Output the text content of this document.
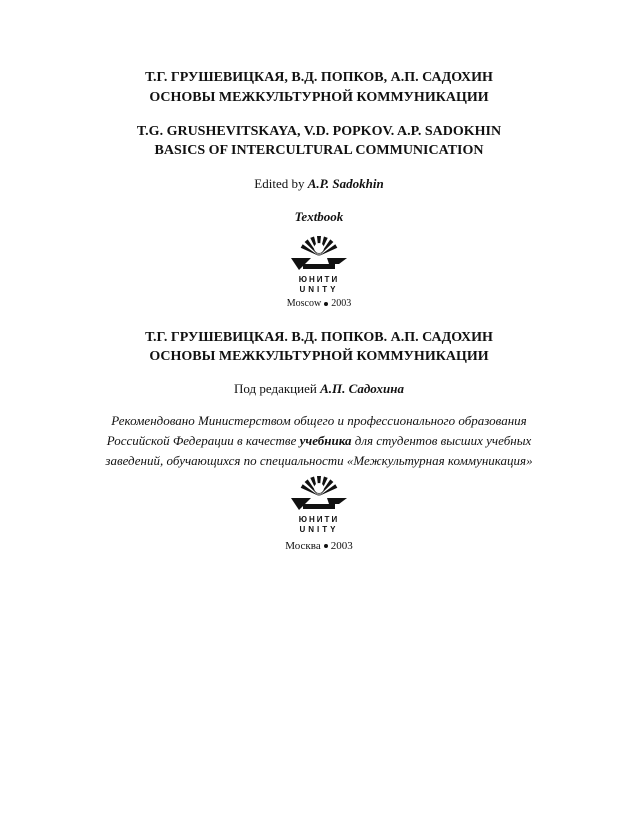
Т.Г. ГРУШЕВИЦКАЯ, В.Д. ПОПКОВ, А.П. САДОХИН
ОСНОВЫ МЕЖКУЛЬТУРНОЙ КОММУНИКАЦИИ
T.G. GRUSHEVITSKAYA, V.D. POPKOV. A.P. SADOKHIN
BASICS OF INTERCULTURAL COMMUNICATION
Edited by A.P. Sadokhin
Textbook
ЮНИТИ
UNITY
Moscow 2003
Т.Г. ГРУШЕВИЦКАЯ. В.Д. ПОПКОВ. А.П. САДОХИН
ОСНОВЫ МЕЖКУЛЬТУРНОЙ КОММУНИКАЦИИ
Под редакцией А.П. Садохина
Рекомендовано Министерством общего и профессионального образования
Российской Федерации в качестве учебника для студентов высших учебных
заведений, обучающихся по специальности «Межкультурная коммуникация»
ЮНИТИ
UNITY
Москва 2003
